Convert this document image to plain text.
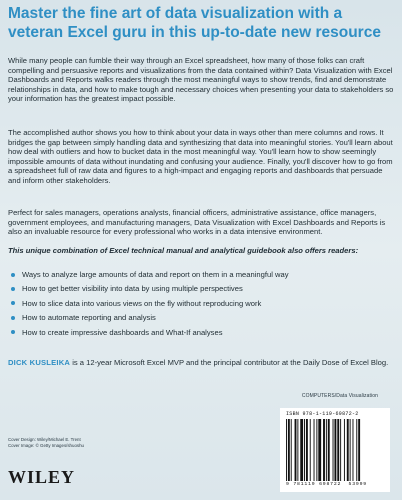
Master the fine art of data visualization with a veteran Excel guru in this up-to-date new resource

While many people can fumble their way through an Excel spreadsheet, how many of those folks can craft compelling and persuasive reports and visualizations from the data contained within? Data Visualization with Excel Dashboards and Reports walks readers through the most meaningful ways to show trends, find and demonstrate relationships in data, and how to make tough and necessary choices when presenting your data to stakeholders so your information has the greatest impact possible.

The accomplished author shows you how to think about your data in ways other than mere columns and rows. It bridges the gap between simply handling data and synthesizing that data into meaningful stories. You'll learn about how deal with outliers and how to bucket data in the most meaningful way. You'll learn how to show seemingly impossible amounts of data without inundating and confusing your audience. Finally, you'll discover how to go from a spreadsheet full of raw data and figures to a high-impact and engaging reports and dashboards that persuade and inform other stakeholders.

Perfect for sales managers, operations analysts, financial officers, administrative assistance, office managers, government employees, and manufacturing managers, Data Visualization with Excel Dashboards and Reports is also an invaluable resource for every professional who works in a data intensive environment.

This unique combination of Excel technical manual and analytical guidebook also offers readers:

Ways to analyze large amounts of data and report on them in a meaningful way
How to get better visibility into data by using multiple perspectives
How to slice data into various views on the fly without reproducing work
How to automate reporting and analysis
How to create impressive dashboards and What-If analyses

DICK KUSLEIKA is a 12-year Microsoft Excel MVP and the principal contributor at the Daily Dose of Excel Blog.

COMPUTERS/Data Visualization
Cover Design: Wiley/Michael E. Trent
Cover Image: © Getty Images/shuoshu
WILEY
ISBN 978-1-119-69872-2
9 781119 698722 53999
